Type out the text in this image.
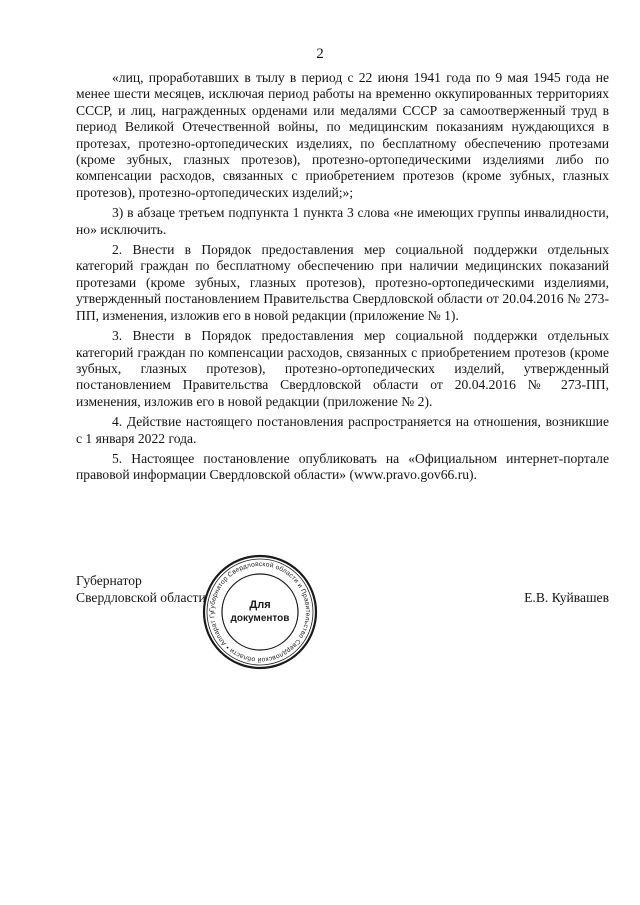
2

«лиц, проработавших в тылу в период с 22 июня 1941 года по 9 мая 1945 года не менее шести месяцев, исключая период работы на временно оккупированных территориях СССР, и лиц, награжденных орденами или медалями СССР за самоотверженный труд в период Великой Отечественной войны, по медицинским показаниям нуждающихся в протезах, протезно-ортопедических изделиях, по бесплатному обеспечению протезами (кроме зубных, глазных протезов), протезно-ортопедическими изделиями либо по компенсации расходов, связанных с приобретением протезов (кроме зубных, глазных протезов), протезно-ортопедических изделий;»;

3) в абзаце третьем подпункта 1 пункта 3 слова «не имеющих группы инвалидности, но» исключить.

2. Внести в Порядок предоставления мер социальной поддержки отдельных категорий граждан по бесплатному обеспечению при наличии медицинских показаний протезами (кроме зубных, глазных протезов), протезно-ортопедическими изделиями, утвержденный постановлением Правительства Свердловской области от 20.04.2016 № 273-ПП, изменения, изложив его в новой редакции (приложение № 1).

3. Внести в Порядок предоставления мер социальной поддержки отдельных категорий граждан по компенсации расходов, связанных с приобретением протезов (кроме зубных, глазных протезов), протезно-ортопедических изделий, утвержденный постановлением Правительства Свердловской области от 20.04.2016 № 273-ПП, изменения, изложив его в новой редакции (приложение № 2).

4. Действие настоящего постановления распространяется на отношения, возникшие с 1 января 2022 года.

5. Настоящее постановление опубликовать на «Официальном интернет-портале правовой информации Свердловской области» (www.pravo.gov66.ru).

Губернатор
Свердловской области	Е.В. Куйвашев
Губернатор Свердловской области и Правительство Свердловской области • Аппарат Гу
Для
документов
